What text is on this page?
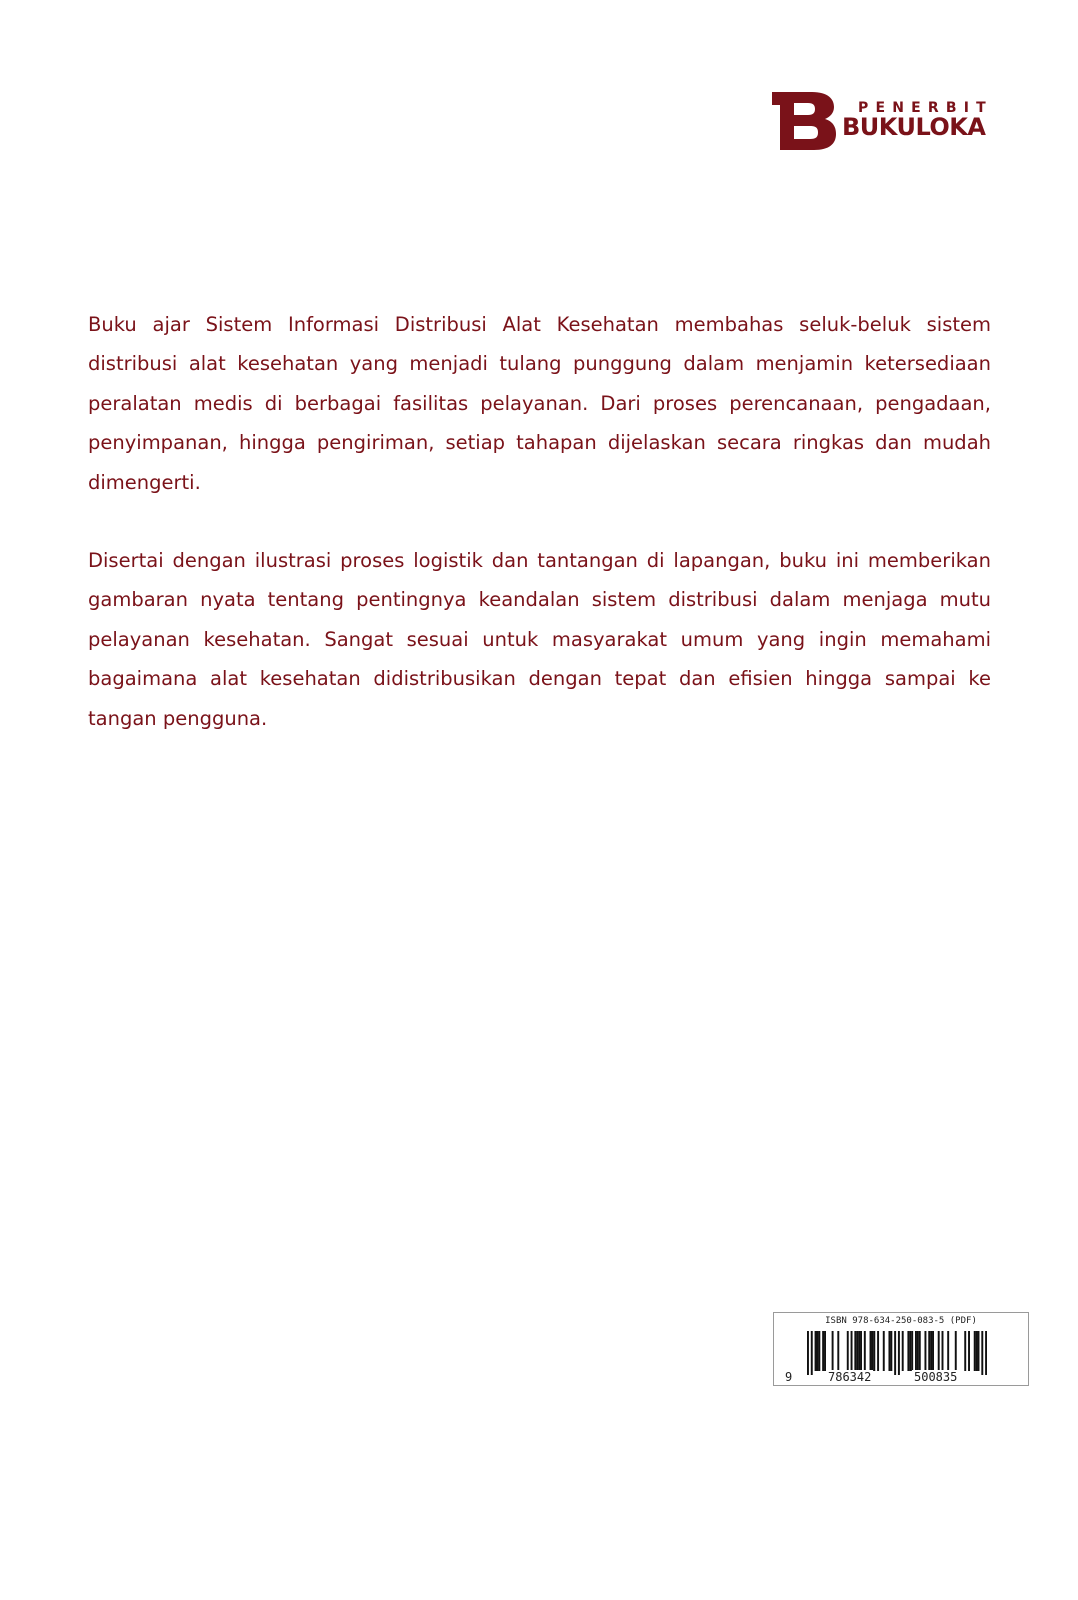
PENERBIT
BUKULOKA

Buku ajar Sistem Informasi Distribusi Alat Kesehatan membahas seluk-beluk sistem distribusi alat kesehatan yang menjadi tulang punggung dalam menjamin ketersediaan peralatan medis di berbagai fasilitas pelayanan. Dari proses perencanaan, pengadaan, penyimpanan, hingga pengiriman, setiap tahapan dijelaskan secara ringkas dan mudah dimengerti.

Disertai dengan ilustrasi proses logistik dan tantangan di lapangan, buku ini memberikan gambaran nyata tentang pentingnya keandalan sistem distribusi dalam menjaga mutu pelayanan kesehatan. Sangat sesuai untuk masyarakat umum yang ingin memahami bagaimana alat kesehatan didistribusikan dengan tepat dan efisien hingga sampai ke tangan pengguna.

ISBN 978-634-250-083-5 (PDF)
9	786342	500835
